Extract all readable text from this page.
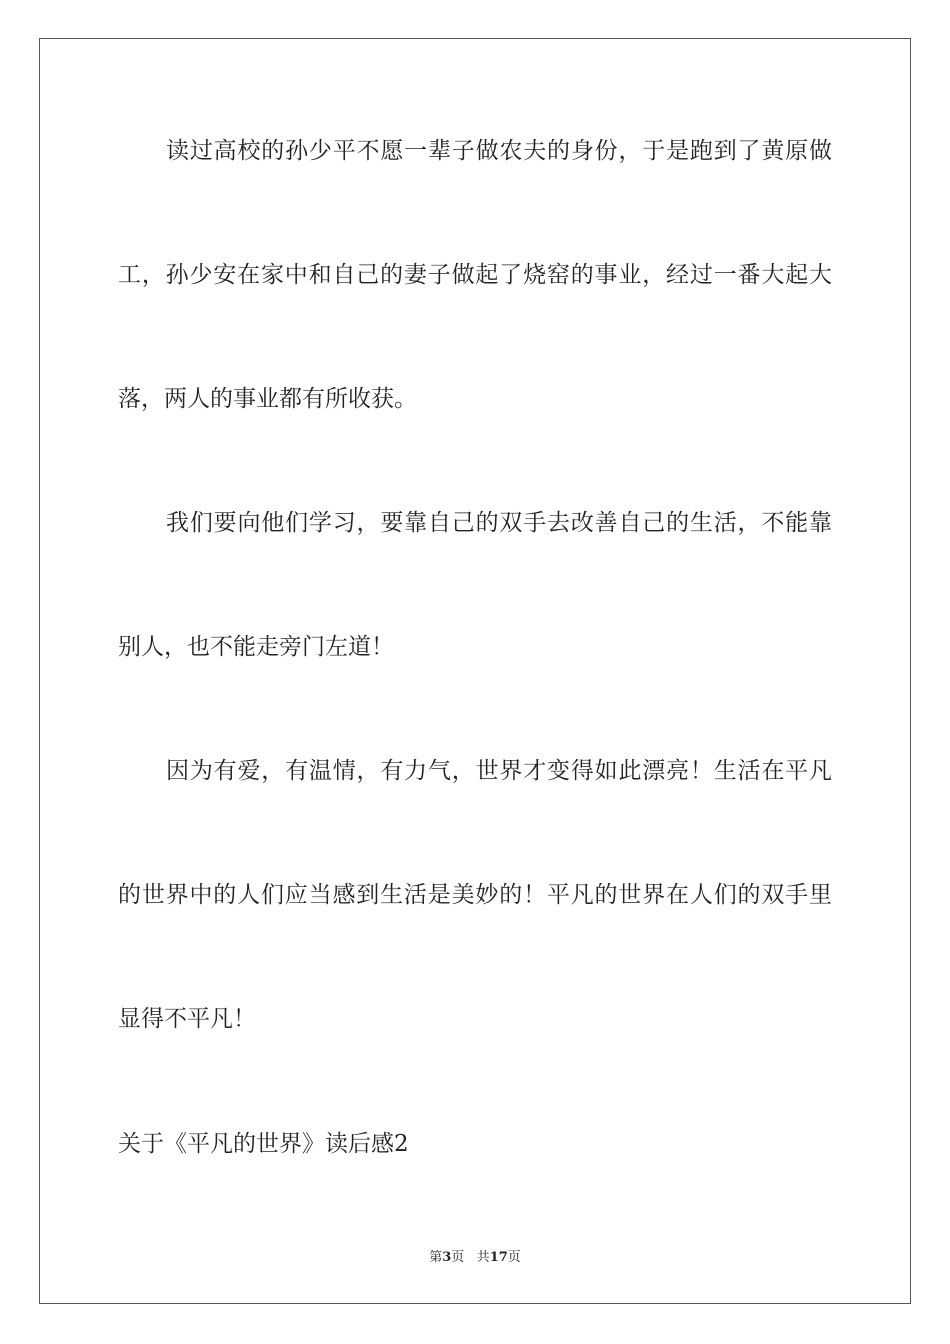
读过高校的孙少平不愿一辈子做农夫的身份，于是跑到了黄原做
工，孙少安在家中和自己的妻子做起了烧窑的事业，经过一番大起大
落，两人的事业都有所收获。
我们要向他们学习，要靠自己的双手去改善自己的生活，不能靠
别人，也不能走旁门左道！
因为有爱，有温情，有力气，世界才变得如此漂亮！生活在平凡
的世界中的人们应当感到生活是美妙的！平凡的世界在人们的双手里
显得不平凡！
关于《平凡的世界》读后感2
第3页 共17页
